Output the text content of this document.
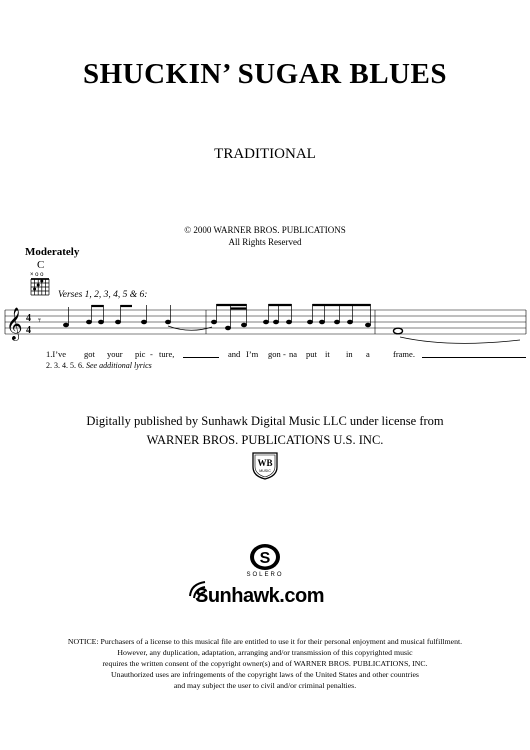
SHUCKIN’ SUGAR BLUES
TRADITIONAL
© 2000 WARNER BROS. PUBLICATIONS
All Rights Reserved
Moderately
C
Verses 1, 2, 3, 4, 5 & 6:
× o o
𝄞 4
4
𝄾
1.I’ve got your pic - ture,	and I’m gon - na put it in a	frame.
2. 3. 4. 5. 6. See additional lyrics
Digitally published by Sunhawk Digital Music LLC under license from
WARNER BROS. PUBLICATIONS U.S. INC.
WB
MUSIC
S
SOLERO
Sunhawk.com
NOTICE: Purchasers of a license to this musical file are entitled to use it for their personal enjoyment and musical fulfillment.
However, any duplication, adaptation, arranging and/or transmission of this copyrighted music
requires the written consent of the copyright owner(s) and of WARNER BROS. PUBLICATIONS, INC.
Unauthorized uses are infringements of the copyright laws of the United States and other countries
and may subject the user to civil and/or criminal penalties.
